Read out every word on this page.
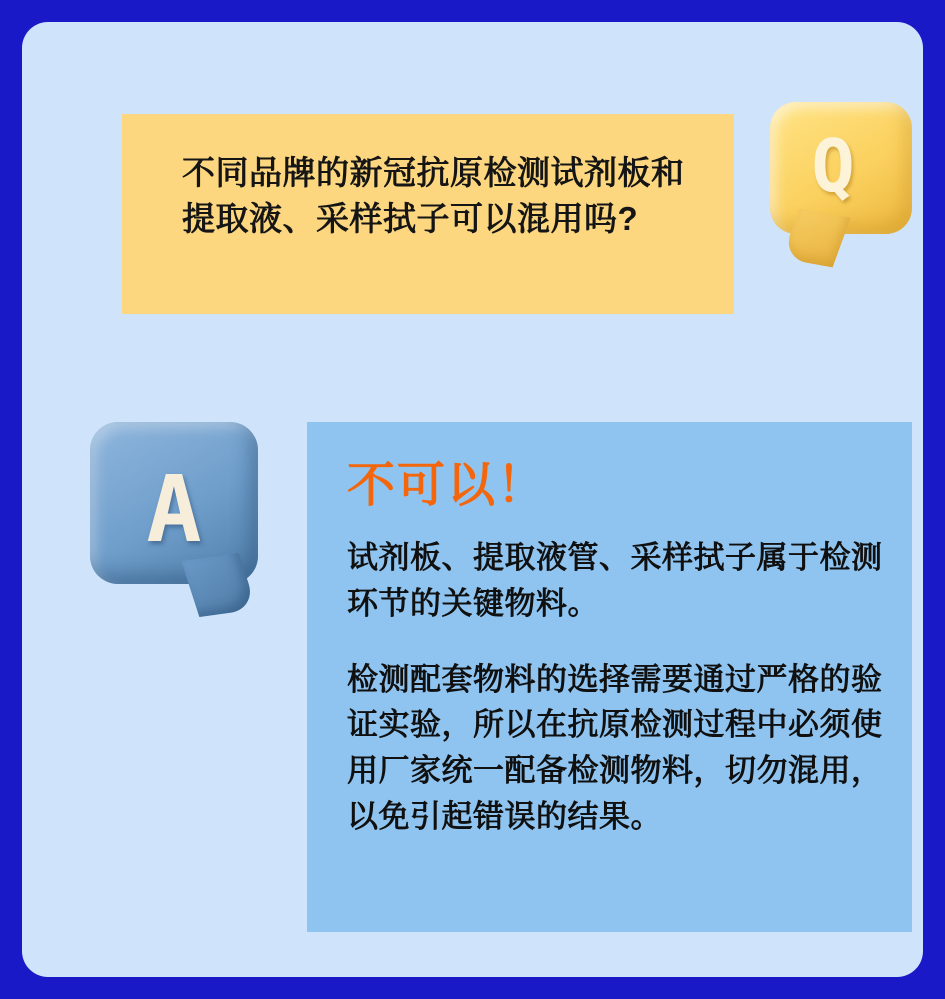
不同品牌的新冠抗原检测试剂板和提取液、采样拭子可以混用吗?
Q
A	不可以！

试剂板、提取液管、采样拭子属于检测环节的关键物料。

检测配套物料的选择需要通过严格的验证实验，所以在抗原检测过程中必须使用厂家统一配备检测物料，切勿混用，以免引起错误的结果。
